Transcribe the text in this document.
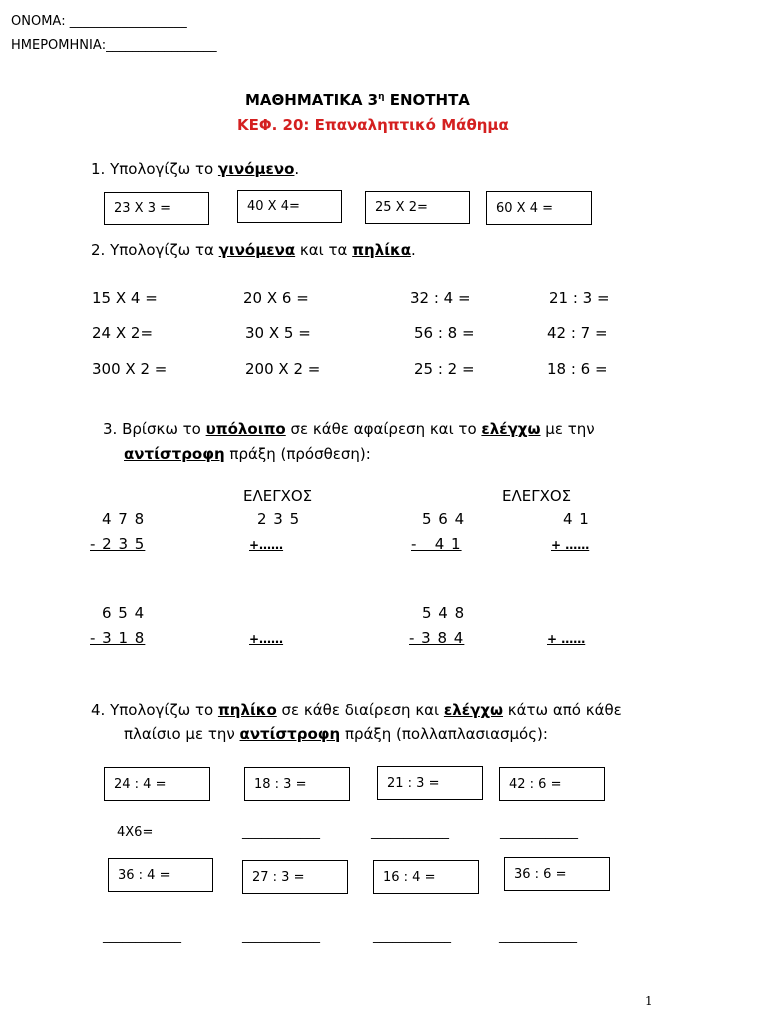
ΟΝΟΜΑ: __________________
ΗΜΕΡΟΜΗΝΙΑ:_________________
ΜΑΘΗΜΑΤΙΚΑ $3^\eta$ ΕΝΟΤΗΤΑ
ΚΕΦ. 20: Επαναληπτικό Μάθημα
1. Υπολογίζω το γινόμενο.
23 X 3 =	40 X 4=	25 X 2=	60 X 4 =
2. Υπολογίζω τα γινόμενα και τα πηλίκα.
15 X 4 =	20 X 6 =	32 : 4 =	21 : 3 =
24 X 2=	30 X 5 =	56 : 8 =	42 : 7 =
300 X 2 =	200 X 2 =	25 : 2 =	18 : 6 =
3. Βρίσκω το υπόλοιπο σε κάθε αφαίρεση και το ελέγχω με την
αντίστροφη πράξη (πρόσθεση):
ΕΛΕΓΧΟΣ	ΕΛΕΓΧΟΣ
4 7 8
- 2 3 5
2 3 5
+……
5 6 4
-   4 1
4 1
+ ……
6 5 4
- 3 1 8	+……
5 4 8
- 3 8 4	+ ……
4. Υπολογίζω το πηλίκο σε κάθε διαίρεση και ελέγχω κάτω από κάθε
πλαίσιο με την αντίστροφη πράξη (πολλαπλασιασμός):
24 : 4 =	18 : 3 =	21 : 3 =	42 : 6 =
4X6=	____________	____________	____________
36 : 4 =	27 : 3 =	16 : 4 =	36 : 6 =
____________	____________	____________	____________
1
